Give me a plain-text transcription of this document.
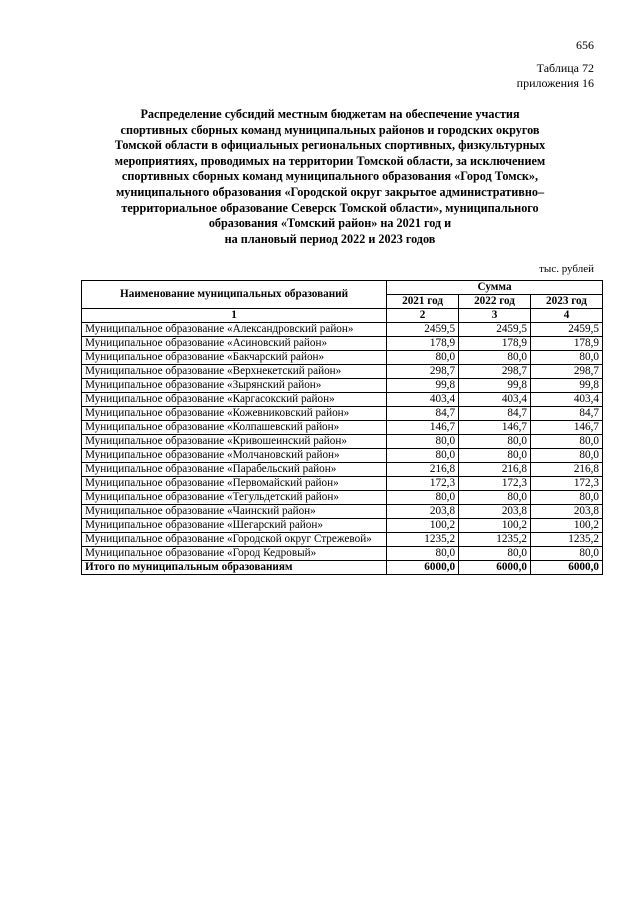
656
Таблица 72
приложения 16
Распределение субсидий местным бюджетам на обеспечение участия
спортивных сборных команд муниципальных районов и городских округов
Томской области в официальных региональных спортивных, физкультурных
мероприятиях, проводимых на территории Томской области, за исключением
спортивных сборных команд муниципального образования «Город Томск»,
муниципального образования «Городской округ закрытое административно–
территориальное образование Северск Томской области», муниципального
образования «Томский район» на 2021 год и
на плановый период 2022 и 2023 годов
тыс. рублей
Наименование муниципальных образований	Сумма		
	2021 год	2022 год	2023 год
1	2	3	4
Муниципальное образование «Александровский район»	2459,5	2459,5	2459,5
Муниципальное образование «Асиновский район»	178,9	178,9	178,9
Муниципальное образование «Бакчарский район»	80,0	80,0	80,0
Муниципальное образование «Верхнекетский район»	298,7	298,7	298,7
Муниципальное образование «Зырянский район»	99,8	99,8	99,8
Муниципальное образование «Каргасокский район»	403,4	403,4	403,4
Муниципальное образование «Кожевниковский район»	84,7	84,7	84,7
Муниципальное образование «Колпашевский район»	146,7	146,7	146,7
Муниципальное образование «Кривошеинский район»	80,0	80,0	80,0
Муниципальное образование «Молчановский район»	80,0	80,0	80,0
Муниципальное образование «Парабельский район»	216,8	216,8	216,8
Муниципальное образование «Первомайский район»	172,3	172,3	172,3
Муниципальное образование «Тегульдетский район»	80,0	80,0	80,0
Муниципальное образование «Чаинский район»	203,8	203,8	203,8
Муниципальное образование «Шегарский район»	100,2	100,2	100,2
Муниципальное образование «Городской округ Стрежевой»	1235,2	1235,2	1235,2
Муниципальное образование «Город Кедровый»	80,0	80,0	80,0
Итого по муниципальным образованиям	6000,0	6000,0	6000,0
